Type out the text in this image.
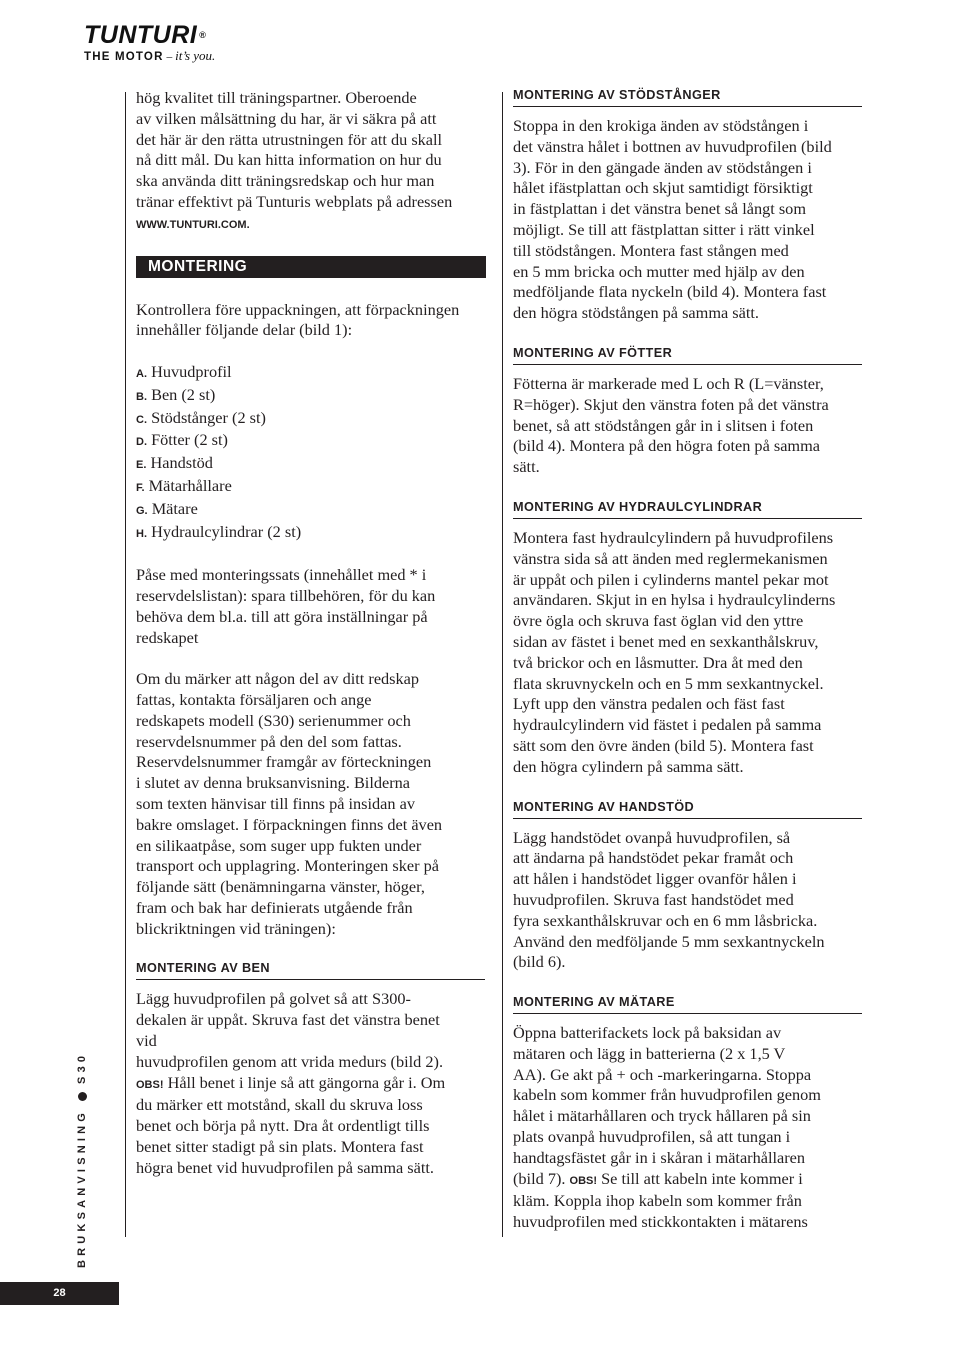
TUNTURI ®
THE MOTOR – it’s you.
hög kvalitet till träningspartner. Oberoende
av vilken målsättning du har, är vi säkra på att
det här är den rätta utrustningen för att du skall
nå ditt mål. Du kan hitta information on hur du
ska använda ditt träningsredskap och hur man
tränar effektivt pä Tunturis webplats på adressen
WWW.TUNTURI.COM.
MONTERING
Kontrollera före uppackningen, att förpackningen
innehåller följande delar (bild 1):
A. Huvudprofil
B. Ben (2 st)
C. Stödstånger (2 st)
D. Fötter (2 st)
E. Handstöd
F. Mätarhållare
G. Mätare
H. Hydraulcylindrar (2 st)
Påse med monteringssats (innehållet med * i
reservdelslistan): spara tillbehören, för du kan
behöva dem bl.a. till att göra inställningar på
redskapet
Om du märker att någon del av ditt redskap
fattas, kontakta försäljaren och ange
redskapets modell (S30) serienummer och
reservdelsnummer på den del som fattas.
Reservdelsnummer framgår av förteckningen
i slutet av denna bruksanvisning. Bilderna
som texten hänvisar till finns på insidan av
bakre omslaget. I förpackningen finns det även
en silikaatpåse, som suger upp fukten under
transport och upplagring. Monteringen sker på
följande sätt (benämningarna vänster, höger,
fram och bak har definierats utgående från
blickriktningen vid träningen):
MONTERING AV BEN
Lägg huvudprofilen på golvet så att S300-
dekalen är uppåt. Skruva fast det vänstra benet
vid
huvudprofilen genom att vrida medurs (bild 2).
OBS! Håll benet i linje så att gängorna går i. Om
du märker ett motstånd, skall du skruva loss
benet och börja på nytt. Dra åt ordentligt tills
benet sitter stadigt på sin plats. Montera fast
högra benet vid huvudprofilen på samma sätt.
MONTERING AV STÖDSTÅNGER
Stoppa in den krokiga änden av stödstången i
det vänstra hålet i bottnen av huvudprofilen (bild
3). För in den gängade änden av stödstången i
hålet ifästplattan och skjut samtidigt försiktigt
in fästplattan i det vänstra benet så långt som
möjligt. Se till att fästplattan sitter i rätt vinkel
till stödstången. Montera fast stången med
en 5 mm bricka och mutter med hjälp av den
medföljande flata nyckeln (bild 4). Montera fast
den högra stödstången på samma sätt.
MONTERING AV FÖTTER
Fötterna är markerade med L och R (L=vänster,
R=höger). Skjut den vänstra foten på det vänstra
benet, så att stödstången går in i slitsen i foten
(bild 4). Montera på den högra foten på samma
sätt.
MONTERING AV HYDRAULCYLINDRAR
Montera fast hydraulcylindern på huvudprofilens
vänstra sida så att änden med reglermekanismen
är uppåt och pilen i cylinderns mantel pekar mot
användaren. Skjut in en hylsa i hydraulcylinderns
övre ögla och skruva fast öglan vid den yttre
sidan av fästet i benet med en sexkanthålskruv,
två brickor och en låsmutter. Dra åt med den
flata skruvnyckeln och en 5 mm sexkantnyckel.
Lyft upp den vänstra pedalen och fäst fast
hydraulcylindern vid fästet i pedalen på samma
sätt som den övre änden (bild 5). Montera fast
den högra cylindern på samma sätt.
MONTERING AV HANDSTÖD
Lägg handstödet ovanpå huvudprofilen, så
att ändarna på handstödet pekar framåt och
att hålen i handstödet ligger ovanför hålen i
huvudprofilen. Skruva fast handstödet med
fyra sexkanthålskruvar och en 6 mm låsbricka.
Använd den medföljande 5 mm sexkantnyckeln
(bild 6).
MONTERING AV MÄTARE
Öppna batterifackets lock på baksidan av
mätaren och lägg in batterierna (2 x 1,5 V
AA). Ge akt på + och -markeringarna. Stoppa
kabeln som kommer från huvudprofilen genom
hålet i mätarhållaren och tryck hållaren på sin
plats ovanpå huvudprofilen, så att tungan i
handtagsfästet går in i skåran i mätarhållaren
(bild 7). OBS! Se till att kabeln inte kommer i
kläm. Koppla ihop kabeln som kommer från
huvudprofilen med stickkontakten i mätarens
BRUKSANVISNINGS30
28
